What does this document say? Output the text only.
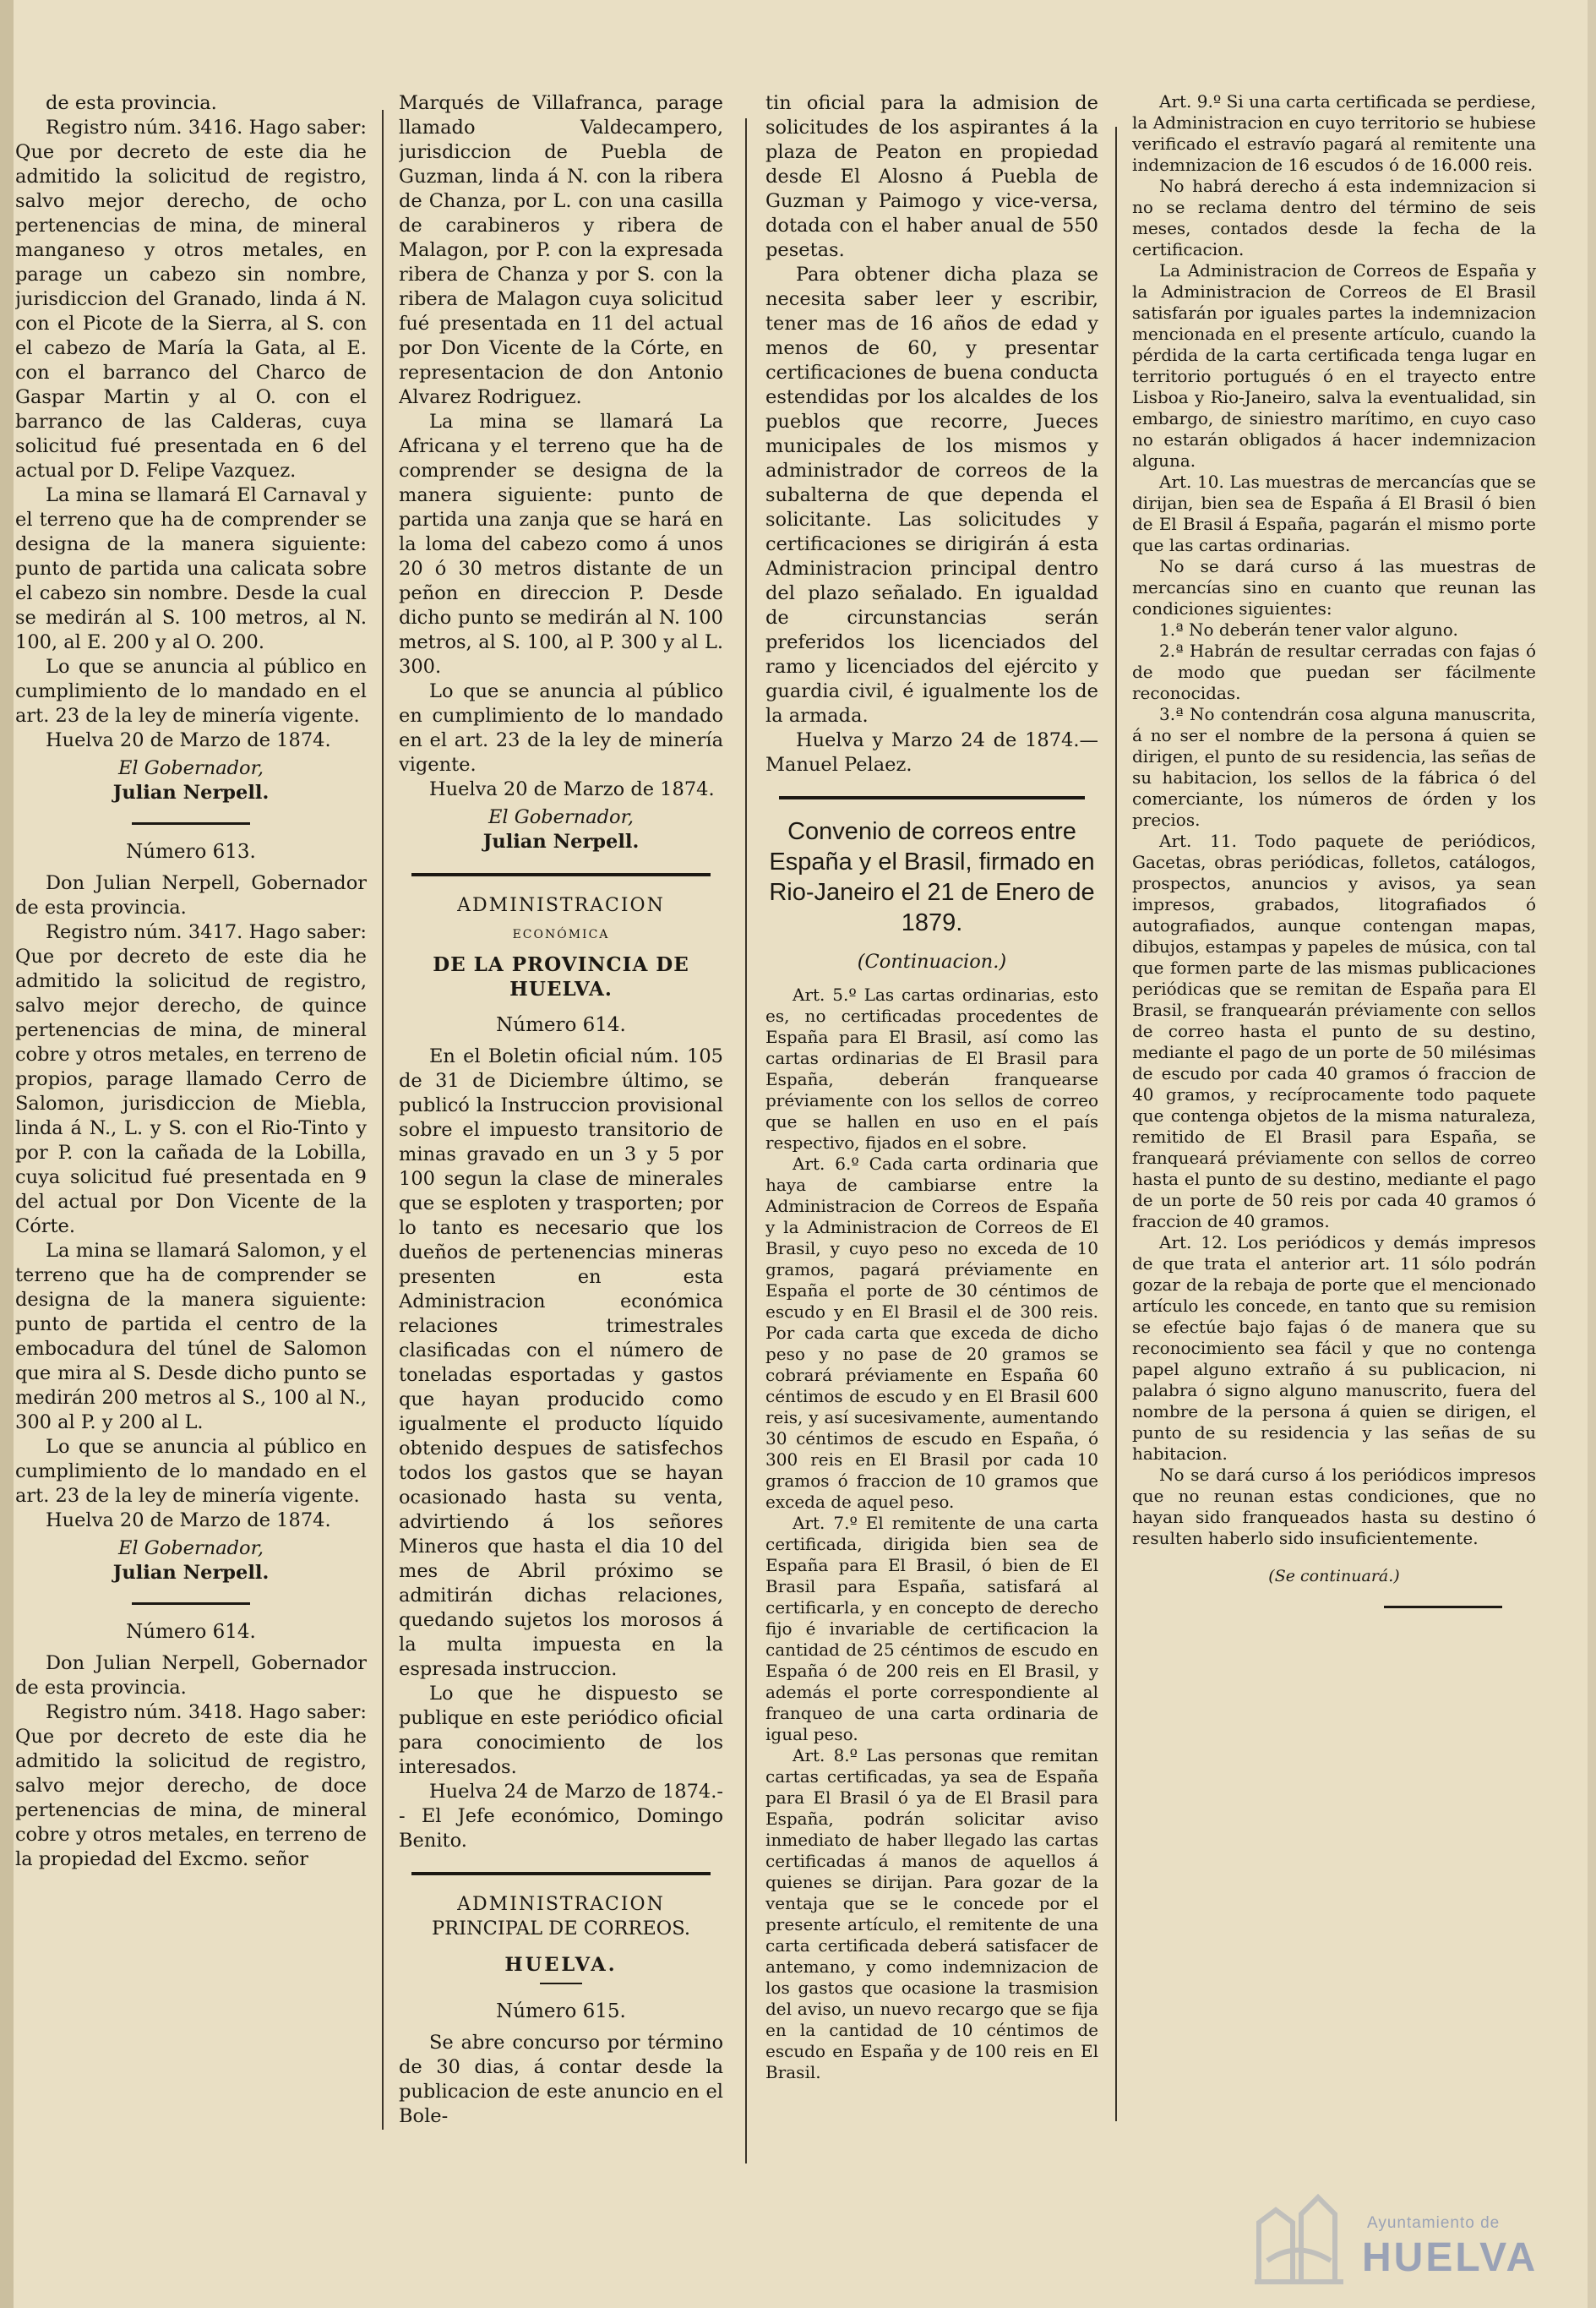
de esta provincia.

Registro núm. 3416. Hago saber: Que por decreto de este dia he admitido la solicitud de registro, salvo mejor derecho, de ocho pertenencias de mina, de mineral manganeso y otros metales, en parage un cabezo sin nombre, jurisdiccion del Granado, linda á N. con el Picote de la Sierra, al S. con el cabezo de María la Gata, al E. con el barranco del Charco de Gaspar Martin y al O. con el barranco de las Calderas, cuya solicitud fué presentada en 6 del actual por D. Felipe Vazquez.

La mina se llamará El Carnaval y el terreno que ha de comprender se designa de la manera siguiente: punto de partida una calicata sobre el cabezo sin nombre. Desde la cual se medirán al S. 100 metros, al N. 100, al E. 200 y al O. 200.

Lo que se anuncia al público en cumplimiento de lo mandado en el art. 23 de la ley de minería vigente.

Huelva 20 de Marzo de 1874.

El Gobernador,

Julian Nerpell.

Número 613.

Don Julian Nerpell, Gobernador de esta provincia.

Registro núm. 3417. Hago saber: Que por decreto de este dia he admitido la solicitud de registro, salvo mejor derecho, de quince pertenencias de mina, de mineral cobre y otros metales, en terreno de propios, parage llamado Cerro de Salomon, jurisdiccion de Miebla, linda á N., L. y S. con el Rio-Tinto y por P. con la cañada de la Lobilla, cuya solicitud fué presentada en 9 del actual por Don Vicente de la Córte.

La mina se llamará Salomon, y el terreno que ha de comprender se designa de la manera siguiente: punto de partida el centro de la embocadura del túnel de Salomon que mira al S. Desde dicho punto se medirán 200 metros al S., 100 al N., 300 al P. y 200 al L.

Lo que se anuncia al público en cumplimiento de lo mandado en el art. 23 de la ley de minería vigente.

Huelva 20 de Marzo de 1874.

El Gobernador,

Julian Nerpell.

Número 614.

Don Julian Nerpell, Gobernador de esta provincia.

Registro núm. 3418. Hago saber: Que por decreto de este dia he admitido la solicitud de registro, salvo mejor derecho, de doce pertenencias de mina, de mineral cobre y otros metales, en terreno de la propiedad del Excmo. señor

Marqués de Villafranca, parage llamado Valdecampero, jurisdiccion de Puebla de Guzman, linda á N. con la ribera de Chanza, por L. con una casilla de carabineros y ribera de Malagon, por P. con la expresada ribera de Chanza y por S. con la ribera de Malagon cuya solicitud fué presentada en 11 del actual por Don Vicente de la Córte, en representacion de don Antonio Alvarez Rodriguez.

La mina se llamará La Africana y el terreno que ha de comprender se designa de la manera siguiente: punto de partida una zanja que se hará en la loma del cabezo como á unos 20 ó 30 metros distante de un peñon en direccion P. Desde dicho punto se medirán al N. 100 metros, al S. 100, al P. 300 y al L. 300.

Lo que se anuncia al público en cumplimiento de lo mandado en el art. 23 de la ley de minería vigente.

Huelva 20 de Marzo de 1874.

El Gobernador,

Julian Nerpell.

ADMINISTRACION

ECONÓMICA

DE LA PROVINCIA DE HUELVA.

Número 614.

En el Boletin oficial núm. 105 de 31 de Diciembre último, se publicó la Instruccion provisional sobre el impuesto transitorio de minas gravado en un 3 y 5 por 100 segun la clase de minerales que se esploten y trasporten; por lo tanto es necesario que los dueños de pertenencias mineras presenten en esta Administracion económica relaciones trimestrales clasificadas con el número de toneladas esportadas y gastos que hayan producido como igualmente el producto líquido obtenido despues de satisfechos todos los gastos que se hayan ocasionado hasta su venta, advirtiendo á los señores Mineros que hasta el dia 10 del mes de Abril próximo se admitirán dichas relaciones, quedando sujetos los morosos á la multa impuesta en la espresada instruccion.

Lo que he dispuesto se publique en este periódico oficial para conocimiento de los interesados.

Huelva 24 de Marzo de 1874.-- El Jefe económico, Domingo Benito.

ADMINISTRACION

PRINCIPAL DE CORREOS.

HUELVA.

Número 615.

Se abre concurso por término de 30 dias, á contar desde la publicacion de este anuncio en el Bole-

tin oficial para la admision de solicitudes de los aspirantes á la plaza de Peaton en propiedad desde El Alosno á Puebla de Guzman y Paimogo y vice-versa, dotada con el haber anual de 550 pesetas.

Para obtener dicha plaza se necesita saber leer y escribir, tener mas de 16 años de edad y menos de 60, y presentar certificaciones de buena conducta estendidas por los alcaldes de los pueblos que recorre, Jueces municipales de los mismos y administrador de correos de la subalterna de que dependa el solicitante. Las solicitudes y certificaciones se dirigirán á esta Administracion principal dentro del plazo señalado. En igualdad de circunstancias serán preferidos los licenciados del ramo y licenciados del ejército y guardia civil, é igualmente los de la armada.

Huelva y Marzo 24 de 1874.— Manuel Pelaez.

Convenio de correos entre España y el Brasil, firmado en Rio-Janeiro el 21 de Enero de 1879.

(Continuacion.)

Art. 5.º Las cartas ordinarias, esto es, no certificadas procedentes de España para El Brasil, así como las cartas ordinarias de El Brasil para España, deberán franquearse préviamente con los sellos de correo que se hallen en uso en el país respectivo, fijados en el sobre.

Art. 6.º Cada carta ordinaria que haya de cambiarse entre la Administracion de Correos de España y la Administracion de Correos de El Brasil, y cuyo peso no exceda de 10 gramos, pagará préviamente en España el porte de 30 céntimos de escudo y en El Brasil el de 300 reis. Por cada carta que exceda de dicho peso y no pase de 20 gramos se cobrará préviamente en España 60 céntimos de escudo y en El Brasil 600 reis, y así sucesivamente, aumentando 30 céntimos de escudo en España, ó 300 reis en El Brasil por cada 10 gramos ó fraccion de 10 gramos que exceda de aquel peso.

Art. 7.º El remitente de una carta certificada, dirigida bien sea de España para El Brasil, ó bien de El Brasil para España, satisfará al certificarla, y en concepto de derecho fijo é invariable de certificacion la cantidad de 25 céntimos de escudo en España ó de 200 reis en El Brasil, y además el porte correspondiente al franqueo de una carta ordinaria de igual peso.

Art. 8.º Las personas que remitan cartas certificadas, ya sea de España para El Brasil ó ya de El Brasil para España, podrán solicitar aviso inmediato de haber llegado las cartas certificadas á manos de aquellos á quienes se dirijan. Para gozar de la ventaja que se le concede por el presente artículo, el remitente de una carta certificada deberá satisfacer de antemano, y como indemnizacion de los gastos que ocasione la trasmision del aviso, un nuevo recargo que se fija en la cantidad de 10 céntimos de escudo en España y de 100 reis en El Brasil.

Art. 9.º Si una carta certificada se perdiese, la Administracion en cuyo territorio se hubiese verificado el estravío pagará al remitente una indemnizacion de 16 escudos ó de 16.000 reis.

No habrá derecho á esta indemnizacion si no se reclama dentro del término de seis meses, contados desde la fecha de la certificacion.

La Administracion de Correos de España y la Administracion de Correos de El Brasil satisfarán por iguales partes la indemnizacion mencionada en el presente artículo, cuando la pérdida de la carta certificada tenga lugar en territorio portugués ó en el trayecto entre Lisboa y Rio-Janeiro, salva la eventualidad, sin embargo, de siniestro marítimo, en cuyo caso no estarán obligados á hacer indemnizacion alguna.

Art. 10. Las muestras de mercancías que se dirijan, bien sea de España á El Brasil ó bien de El Brasil á España, pagarán el mismo porte que las cartas ordinarias.

No se dará curso á las muestras de mercancías sino en cuanto que reunan las condiciones siguientes:

1.ª No deberán tener valor alguno.

2.ª Habrán de resultar cerradas con fajas ó de modo que puedan ser fácilmente reconocidas.

3.ª No contendrán cosa alguna manuscrita, á no ser el nombre de la persona á quien se dirigen, el punto de su residencia, las señas de su habitacion, los sellos de la fábrica ó del comerciante, los números de órden y los precios.

Art. 11. Todo paquete de periódicos, Gacetas, obras periódicas, folletos, catálogos, prospectos, anuncios y avisos, ya sean impresos, grabados, litografiados ó autografiados, aunque contengan mapas, dibujos, estampas y papeles de música, con tal que formen parte de las mismas publicaciones periódicas que se remitan de España para El Brasil, se franquearán préviamente con sellos de correo hasta el punto de su destino, mediante el pago de un porte de 50 milésimas de escudo por cada 40 gramos ó fraccion de 40 gramos, y recíprocamente todo paquete que contenga objetos de la misma naturaleza, remitido de El Brasil para España, se franqueará préviamente con sellos de correo hasta el punto de su destino, mediante el pago de un porte de 50 reis por cada 40 gramos ó fraccion de 40 gramos.

Art. 12. Los periódicos y demás impresos de que trata el anterior art. 11 sólo podrán gozar de la rebaja de porte que el mencionado artículo les concede, en tanto que su remision se efectúe bajo fajas ó de manera que su reconocimiento sea fácil y que no contenga papel alguno extraño á su publicacion, ni palabra ó signo alguno manuscrito, fuera del nombre de la persona á quien se dirigen, el punto de su residencia y las señas de su habitacion.

No se dará curso á los periódicos impresos que no reunan estas condiciones, que no hayan sido franqueados hasta su destino ó resulten haberlo sido insuficientemente.

(Se continuará.)

Ayuntamiento de
HUELVA
